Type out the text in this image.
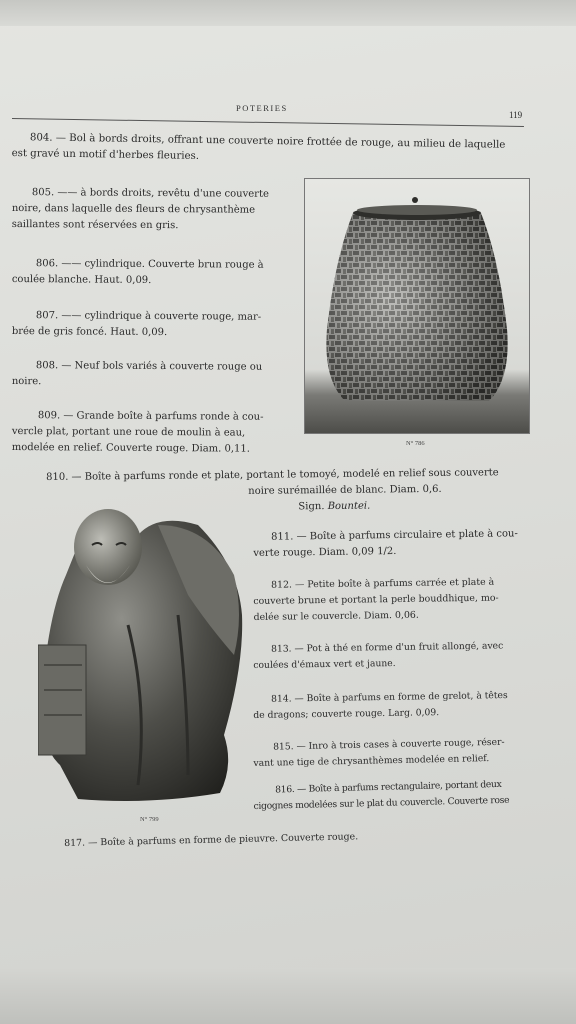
POTERIES
119
804. — Bol à bords droits, offrant une couverte noire frottée de rouge, au milieu de laquelle
est gravé un motif d'herbes fleuries.
805. —— à bords droits, revêtu d'une couverte
noire, dans laquelle des fleurs de chrysanthème
saillantes sont réservées en gris.
806. —— cylindrique. Couverte brun rouge à
coulée blanche. Haut. 0,09.
807. —— cylindrique à couverte rouge, mar-
brée de gris foncé. Haut. 0,09.
808. — Neuf bols variés à couverte rouge ou
noire.
809. — Grande boîte à parfums ronde à cou-
vercle plat, portant une roue de moulin à eau,
modelée en relief. Couverte rouge. Diam. 0,11.	N° 786
810. — Boîte à parfums ronde et plate, portant le tomoyé, modelé en relief sous couverte
noire surémaillée de blanc. Diam. 0,6.
Sign. Bountei.
N° 799
811. — Boîte à parfums circulaire et plate à cou-
verte rouge. Diam. 0,09 1/2.
812. — Petite boîte à parfums carrée et plate à
couverte brune et portant la perle bouddhique, mo-
delée sur le couvercle. Diam. 0,06.
813. — Pot à thé en forme d'un fruit allongé, avec
coulées d'émaux vert et jaune.
814. — Boîte à parfums en forme de grelot, à têtes
de dragons; couverte rouge. Larg. 0,09.
815. — Inro à trois cases à couverte rouge, réser-
vant une tige de chrysanthèmes modelée en relief.
816. — Boîte à parfums rectangulaire, portant deux
cigognes modelées sur le plat du couvercle. Couverte rose
817. — Boîte à parfums en forme de pieuvre. Couverte rouge.
